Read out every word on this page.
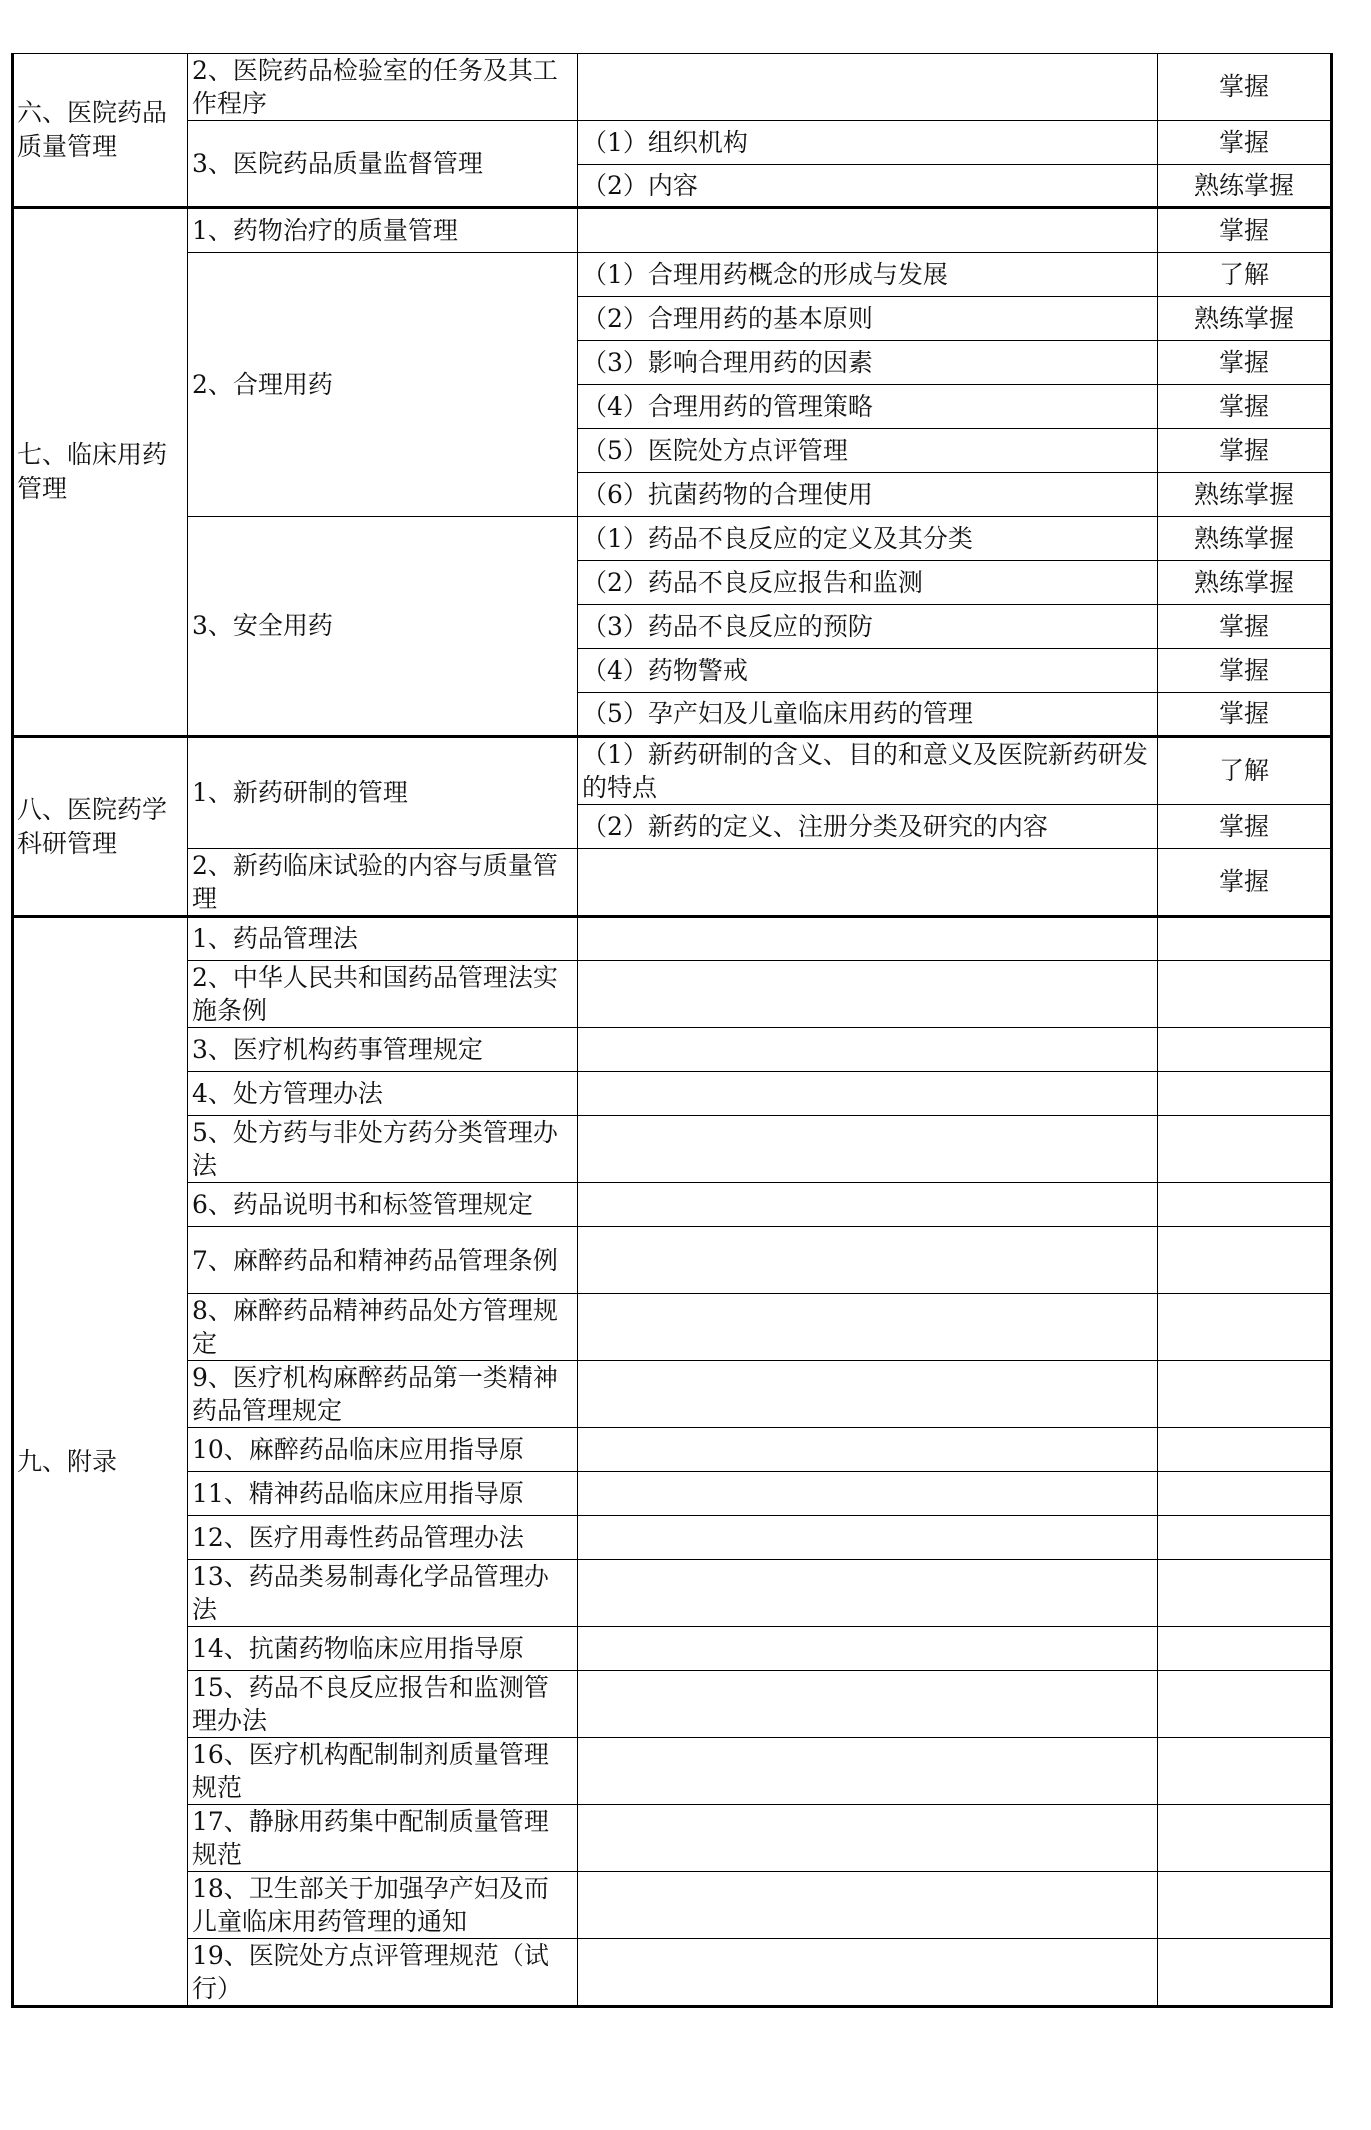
六、医院药品质量管理	2、医院药品检验室的任务及其工作程序		掌握
	3、医院药品质量监督管理	（1）组织机构	掌握
		（2）内容	熟练掌握
七、临床用药管理	1、药物治疗的质量管理		掌握
	2、合理用药	（1）合理用药概念的形成与发展	了解
		（2）合理用药的基本原则	熟练掌握
		（3）影响合理用药的因素	掌握
		（4）合理用药的管理策略	掌握
		（5）医院处方点评管理	掌握
		（6）抗菌药物的合理使用	熟练掌握
	3、安全用药	（1）药品不良反应的定义及其分类	熟练掌握
		（2）药品不良反应报告和监测	熟练掌握
		（3）药品不良反应的预防	掌握
		（4）药物警戒	掌握
		（5）孕产妇及儿童临床用药的管理	掌握
八、医院药学科研管理	1、新药研制的管理	（1）新药研制的含义、目的和意义及医院新药研发的特点	了解
		（2）新药的定义、注册分类及研究的内容	掌握
	2、新药临床试验的内容与质量管理		掌握
九、附录	1、药品管理法		
	2、中华人民共和国药品管理法实施条例		
	3、医疗机构药事管理规定		
	4、处方管理办法		
	5、处方药与非处方药分类管理办法		
	6、药品说明书和标签管理规定		
	7、麻醉药品和精神药品管理条例		
	8、麻醉药品精神药品处方管理规定		
	9、医疗机构麻醉药品第一类精神药品管理规定		

	10、麻醉药品临床应用指导原		

	11、精神药品临床应用指导原		

	12、医疗用毒性药品管理办法		
	13、药品类易制毒化学品管理办法		

	14、抗菌药物临床应用指导原		

	15、药品不良反应报告和监测管理办法		
	16、医疗机构配制制剂质量管理规范		
	17、静脉用药集中配制质量管理规范		
	18、卫生部关于加强孕产妇及而儿童临床用药管理的通知		
	19、医院处方点评管理规范（试行）		
